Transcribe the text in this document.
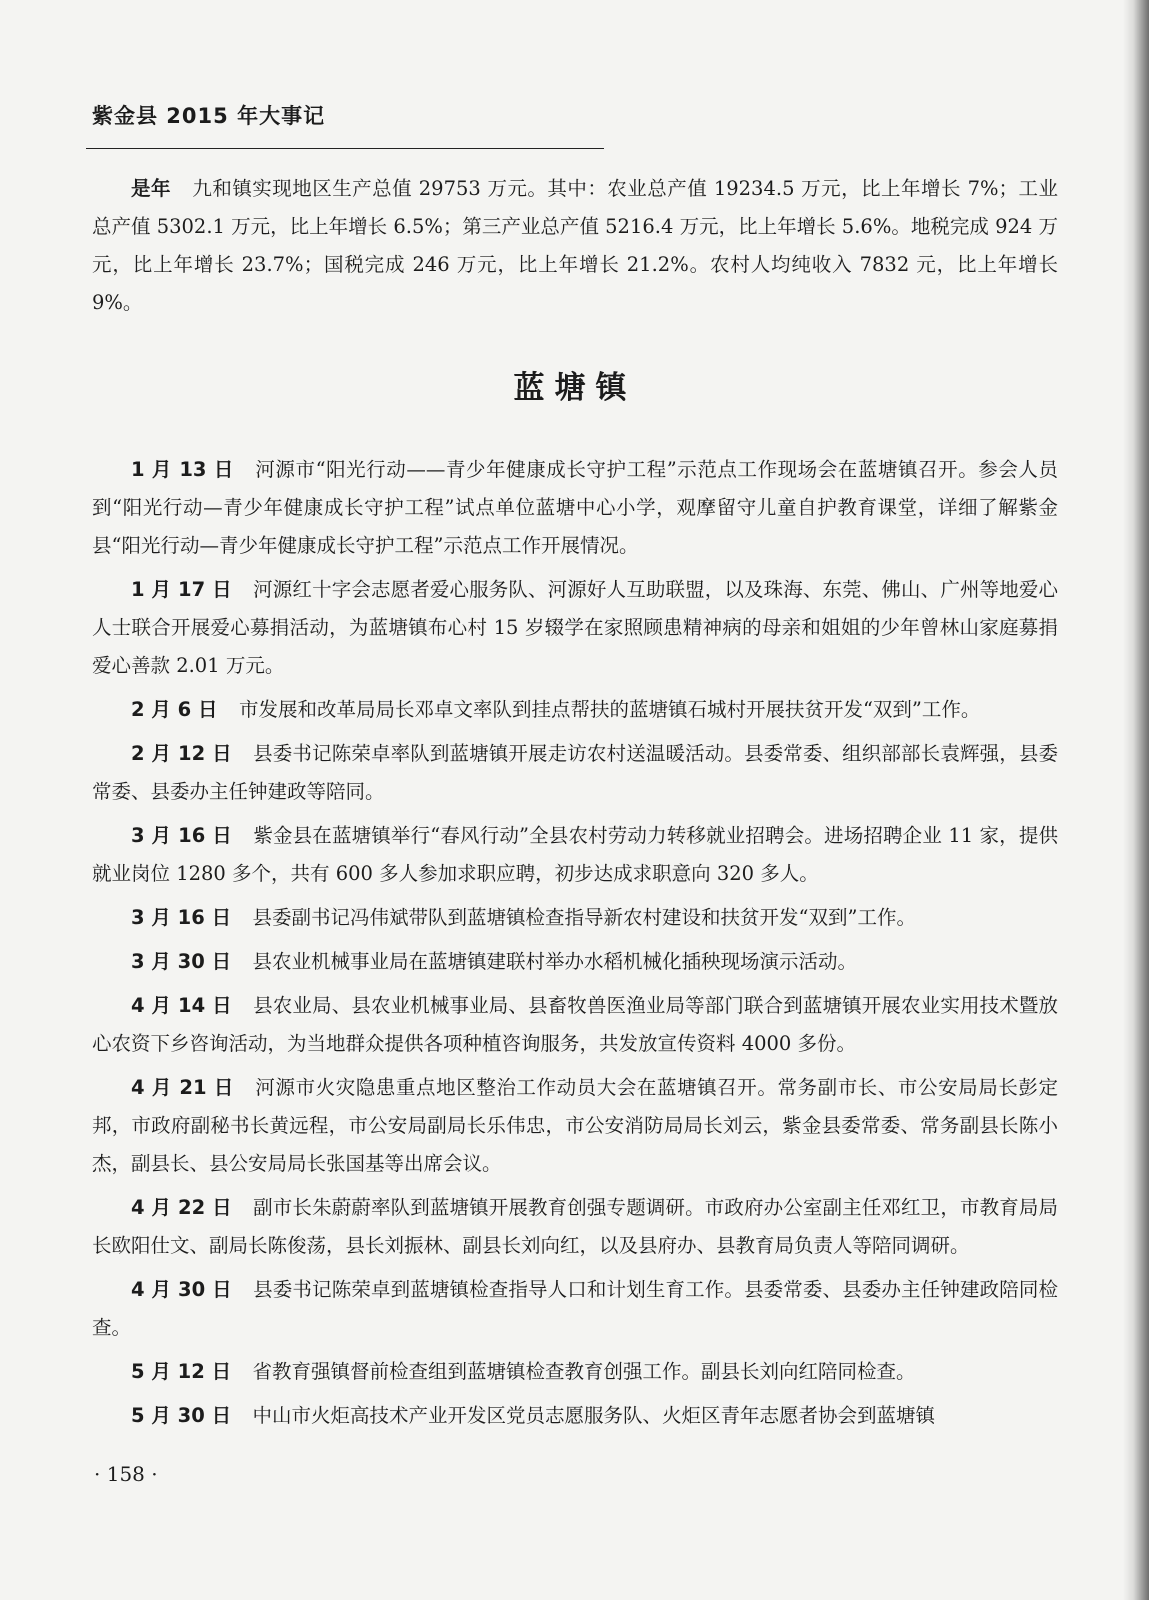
紫金县 2015 年大事记

是年 九和镇实现地区生产总值 29753 万元。其中：农业总产值 19234.5 万元，比上年增长 7%；工业总产值 5302.1 万元，比上年增长 6.5%；第三产业总产值 5216.4 万元，比上年增长 5.6%。地税完成 924 万元，比上年增长 23.7%；国税完成 246 万元，比上年增长 21.2%。农村人均纯收入 7832 元，比上年增长 9%。

蓝塘镇

1 月 13 日 河源市“阳光行动——青少年健康成长守护工程”示范点工作现场会在蓝塘镇召开。参会人员到“阳光行动—青少年健康成长守护工程”试点单位蓝塘中心小学，观摩留守儿童自护教育课堂，详细了解紫金县“阳光行动—青少年健康成长守护工程”示范点工作开展情况。

1 月 17 日 河源红十字会志愿者爱心服务队、河源好人互助联盟，以及珠海、东莞、佛山、广州等地爱心人士联合开展爱心募捐活动，为蓝塘镇布心村 15 岁辍学在家照顾患精神病的母亲和姐姐的少年曾林山家庭募捐爱心善款 2.01 万元。

2 月 6 日 市发展和改革局局长邓卓文率队到挂点帮扶的蓝塘镇石城村开展扶贫开发“双到”工作。

2 月 12 日 县委书记陈荣卓率队到蓝塘镇开展走访农村送温暖活动。县委常委、组织部部长袁辉强，县委常委、县委办主任钟建政等陪同。

3 月 16 日 紫金县在蓝塘镇举行“春风行动”全县农村劳动力转移就业招聘会。进场招聘企业 11 家，提供就业岗位 1280 多个，共有 600 多人参加求职应聘，初步达成求职意向 320 多人。

3 月 16 日 县委副书记冯伟斌带队到蓝塘镇检查指导新农村建设和扶贫开发“双到”工作。

3 月 30 日 县农业机械事业局在蓝塘镇建联村举办水稻机械化插秧现场演示活动。

4 月 14 日 县农业局、县农业机械事业局、县畜牧兽医渔业局等部门联合到蓝塘镇开展农业实用技术暨放心农资下乡咨询活动，为当地群众提供各项种植咨询服务，共发放宣传资料 4000 多份。

4 月 21 日 河源市火灾隐患重点地区整治工作动员大会在蓝塘镇召开。常务副市长、市公安局局长彭定邦，市政府副秘书长黄远程，市公安局副局长乐伟忠，市公安消防局局长刘云，紫金县委常委、常务副县长陈小杰，副县长、县公安局局长张国基等出席会议。

4 月 22 日 副市长朱蔚蔚率队到蓝塘镇开展教育创强专题调研。市政府办公室副主任邓红卫，市教育局局长欧阳仕文、副局长陈俊荡，县长刘振林、副县长刘向红，以及县府办、县教育局负责人等陪同调研。

4 月 30 日 县委书记陈荣卓到蓝塘镇检查指导人口和计划生育工作。县委常委、县委办主任钟建政陪同检查。

5 月 12 日 省教育强镇督前检查组到蓝塘镇检查教育创强工作。副县长刘向红陪同检查。

5 月 30 日 中山市火炬高技术产业开发区党员志愿服务队、火炬区青年志愿者协会到蓝塘镇

· 158 ·
